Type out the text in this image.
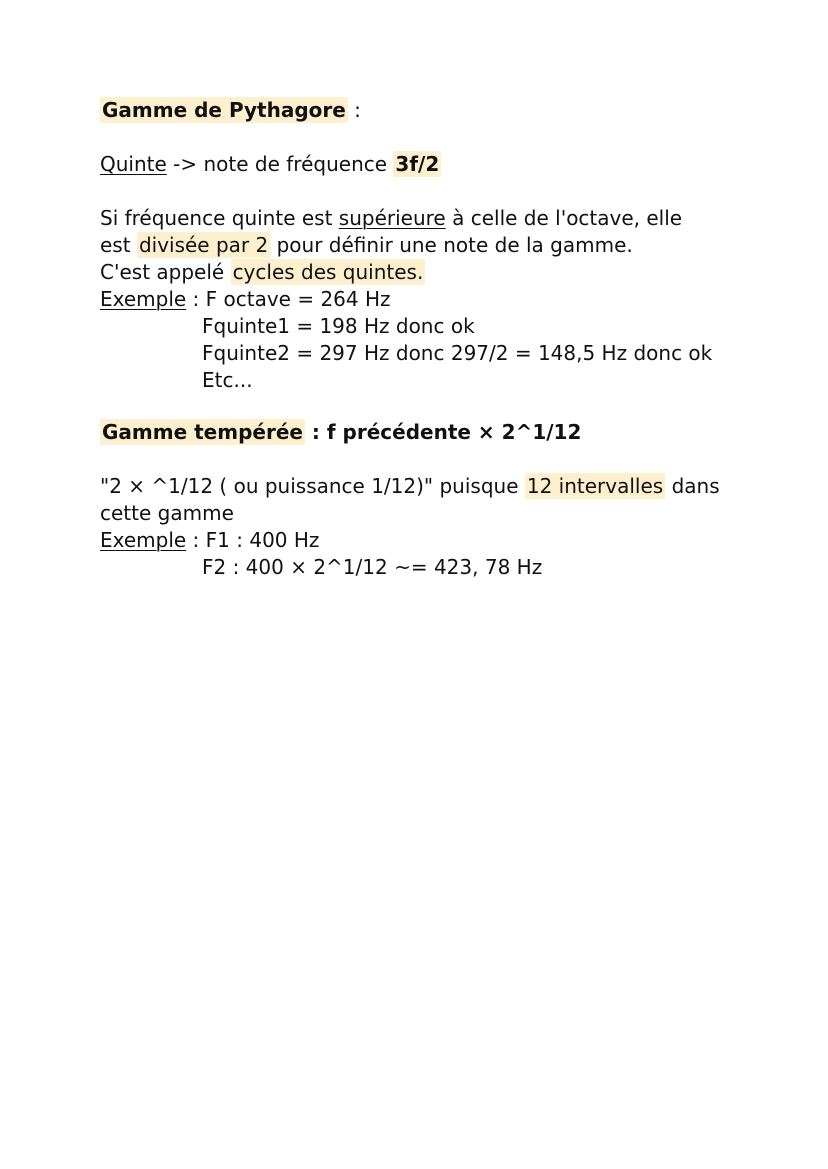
Gamme de Pythagore :
Quinte -> note de fréquence 3f/2
Si fréquence quinte est supérieure à celle de l'octave, elle
est divisée par 2 pour définir une note de la gamme.
C'est appelé cycles des quintes.
Exemple : F octave = 264 Hz
Fquinte1 = 198 Hz donc ok
Fquinte2 = 297 Hz donc 297/2 = 148,5 Hz donc ok
Etc...
Gamme tempérée : f précédente × 2^1/12
"2 × ^1/12 ( ou puissance 1/12)" puisque 12 intervalles dans
cette gamme
Exemple : F1 : 400 Hz
F2 : 400 × 2^1/12 ~= 423, 78 Hz
